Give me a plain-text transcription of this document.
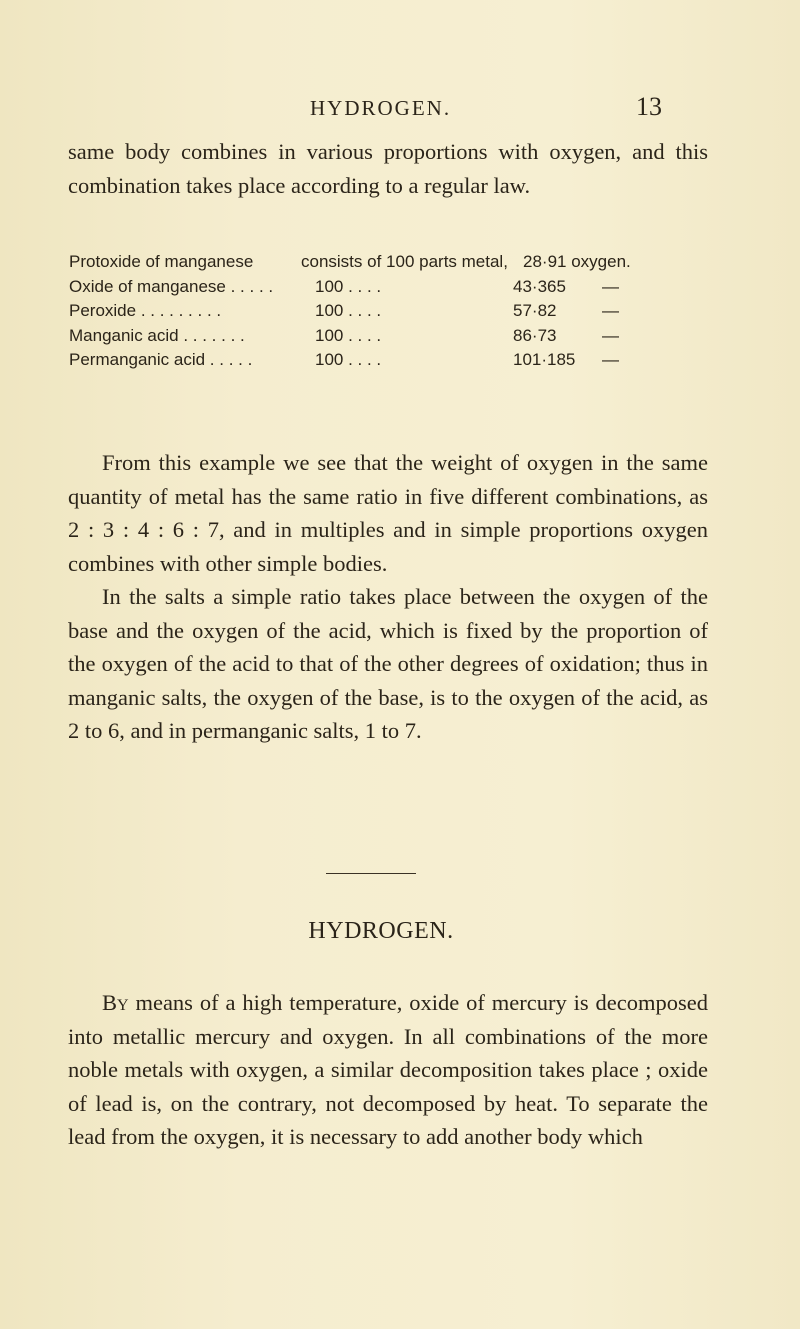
HYDROGEN.	13

same body combines in various proportions with oxygen, and this combination takes place according to a regular law.

Protoxide of manganese	consists of 100 parts metal, 28·91 oxygen.
Oxide of manganese . . . . . 100 . . . .	43·365 —
Peroxide . . . . . . . . .	100 . . . .	57·82	—
Manganic acid . . . . . . .	100 . . . .	86·73	—
Permanganic acid . . . . .	100 . . . .	101·185 —

From this example we see that the weight of oxygen in the same quantity of metal has the same ratio in five different combinations, as 2 : 3 : 4 : 6 : 7, and in multiples and in simple proportions oxygen combines with other simple bodies.

In the salts a simple ratio takes place between the oxygen of the base and the oxygen of the acid, which is fixed by the proportion of the oxygen of the acid to that of the other degrees of oxidation; thus in manganic salts, the oxygen of the base, is to the oxygen of the acid, as 2 to 6, and in permanganic salts, 1 to 7.

HYDROGEN.

By means of a high temperature, oxide of mercury is decomposed into metallic mercury and oxygen. In all combinations of the more noble metals with oxygen, a similar decomposition takes place ; oxide of lead is, on the contrary, not decomposed by heat. To separate the lead from the oxygen, it is necessary to add another body which
